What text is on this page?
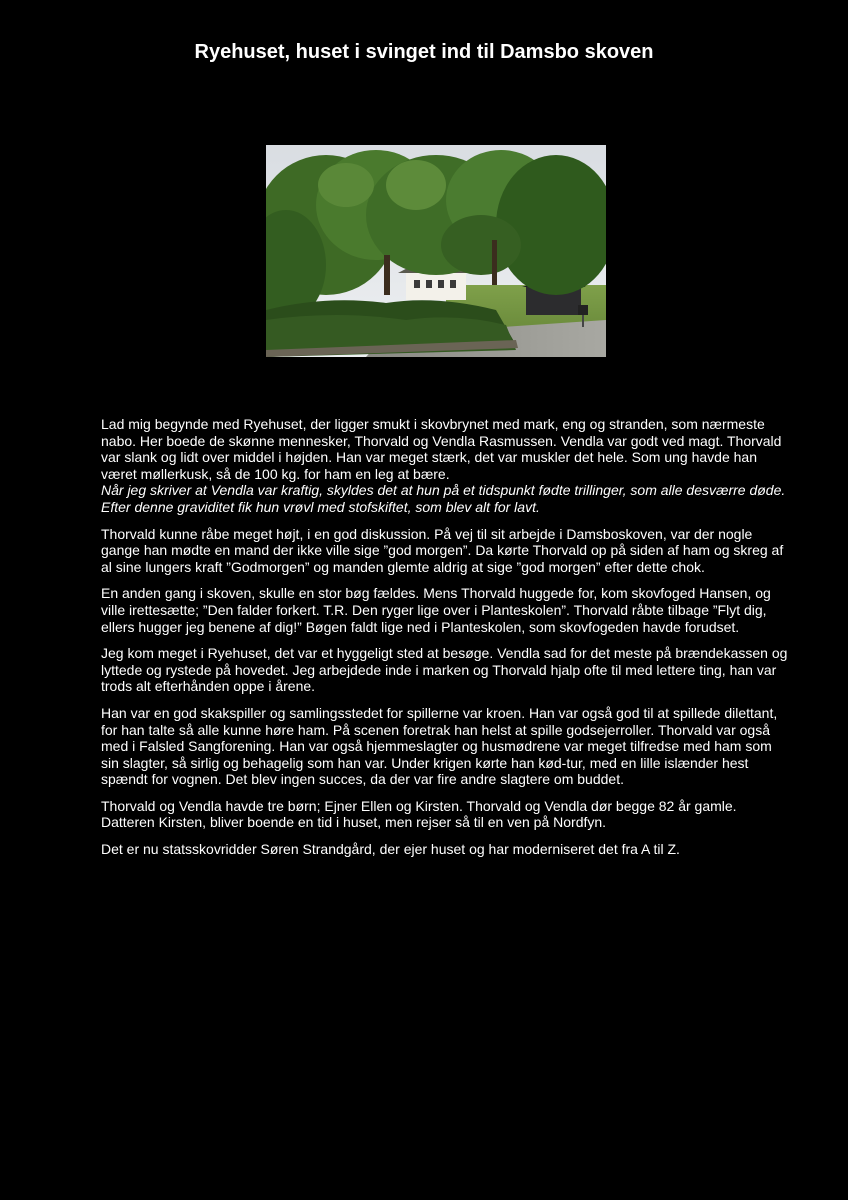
Ryehuset, huset i svinget ind til Damsbo skoven

Lad mig begynde med Ryehuset, der ligger smukt i skovbrynet med mark, eng og stranden, som nærmeste nabo. Her boede de skønne mennesker, Thorvald og Vendla Rasmussen. Vendla var godt ved magt. Thorvald var slank og lidt over middel i højden. Han var meget stærk, det var muskler det hele. Som ung havde han været møllerkusk, så de 100 kg. for ham en leg at bære.

Når jeg skriver at Vendla var kraftig, skyldes det at hun på et tidspunkt fødte trillinger, som alle desværre døde. Efter denne graviditet fik hun vrøvl med stofskiftet, som blev alt for lavt.

Thorvald kunne råbe meget højt, i en god diskussion. På vej til sit arbejde i Damsboskoven, var der nogle gange han mødte en mand der ikke ville sige ”god morgen”. Da kørte Thorvald op på siden af ham og skreg af al sine lungers kraft ”Godmorgen” og manden glemte aldrig at sige ”god morgen” efter dette chok.

En anden gang i skoven, skulle en stor bøg fældes. Mens Thorvald huggede for, kom skovfoged Hansen, og ville irettesætte; ”Den falder forkert. T.R. Den ryger lige over i Planteskolen”. Thorvald råbte tilbage ”Flyt dig, ellers hugger jeg benene af dig!” Bøgen faldt lige ned i Planteskolen, som skovfogeden havde forudset.

Jeg kom meget i Ryehuset, det var et hyggeligt sted at besøge. Vendla sad for det meste på brændekassen og lyttede og rystede på hovedet. Jeg arbejdede inde i marken og Thorvald hjalp ofte til med lettere ting, han var trods alt efterhånden oppe i årene.

Han var en god skakspiller og samlingsstedet for spillerne var kroen. Han var også god til at spillede dilettant, for han talte så alle kunne høre ham. På scenen foretrak han helst at spille godsejerroller. Thorvald var også med i Falsled Sangforening. Han var også hjemmeslagter og husmødrene var meget tilfredse med ham som sin slagter, så sirlig og behagelig som han var. Under krigen kørte han kød-tur, med en lille islænder hest spændt for vognen. Det blev ingen succes, da der var fire andre slagtere om buddet.

Thorvald og Vendla havde tre børn; Ejner Ellen og Kirsten. Thorvald og Vendla dør begge 82 år gamle. Datteren Kirsten, bliver boende en tid i huset, men rejser så til en ven på Nordfyn.

Det er nu statsskovridder Søren Strandgård, der ejer huset og har moderniseret det fra A til Z.
